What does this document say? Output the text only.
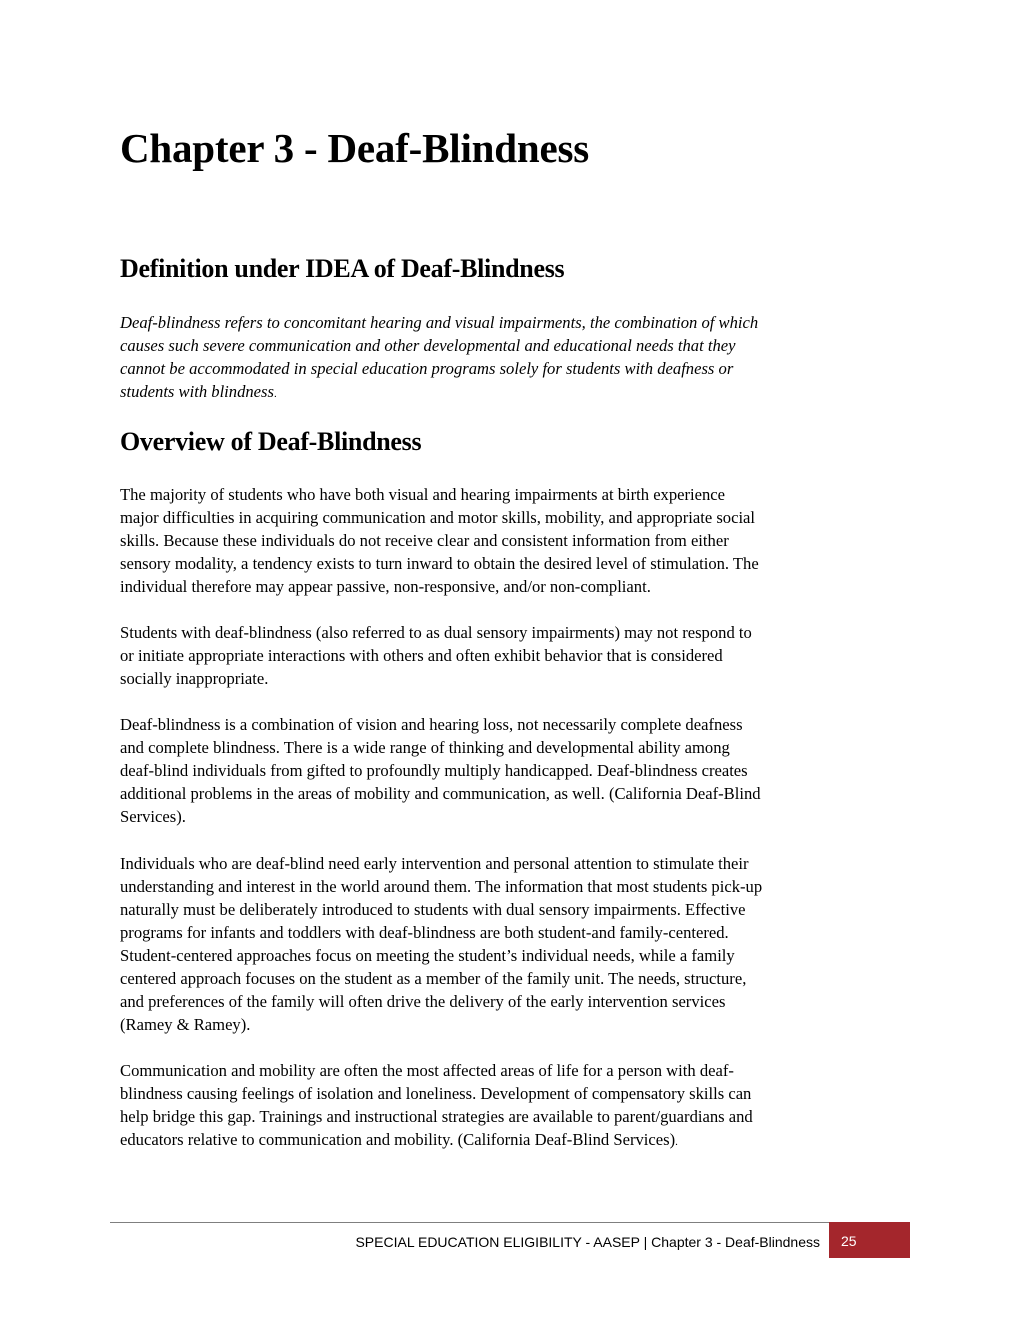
Chapter 3 - Deaf-Blindness
Definition under IDEA of Deaf-Blindness

Deaf-blindness refers to concomitant hearing and visual impairments, the combination of which
causes such severe communication and other developmental and educational needs that they
cannot be accommodated in special education programs solely for students with deafness or
students with blindness.

Overview of Deaf-Blindness

The majority of students who have both visual and hearing impairments at birth experience
major difficulties in acquiring communication and motor skills, mobility, and appropriate social
skills. Because these individuals do not receive clear and consistent information from either
sensory modality, a tendency exists to turn inward to obtain the desired level of stimulation. The
individual therefore may appear passive, non-responsive, and/or non-compliant.

Students with deaf-blindness (also referred to as dual sensory impairments) may not respond to
or initiate appropriate interactions with others and often exhibit behavior that is considered
socially inappropriate.

Deaf-blindness is a combination of vision and hearing loss, not necessarily complete deafness
and complete blindness. There is a wide range of thinking and developmental ability among
deaf-blind individuals from gifted to profoundly multiply handicapped. Deaf-blindness creates
additional problems in the areas of mobility and communication, as well. (California Deaf-Blind
Services).

Individuals who are deaf-blind need early intervention and personal attention to stimulate their
understanding and interest in the world around them. The information that most students pick-up
naturally must be deliberately introduced to students with dual sensory impairments. Effective
programs for infants and toddlers with deaf-blindness are both student-and family-centered.
Student-centered approaches focus on meeting the student’s individual needs, while a family
centered approach focuses on the student as a member of the family unit. The needs, structure,
and preferences of the family will often drive the delivery of the early intervention services
(Ramey & Ramey).

Communication and mobility are often the most affected areas of life for a person with deaf-
blindness causing feelings of isolation and loneliness. Development of compensatory skills can
help bridge this gap. Trainings and instructional strategies are available to parent/guardians and
educators relative to communication and mobility. (California Deaf-Blind Services).

SPECIAL EDUCATION ELIGIBILITY - AASEP | Chapter 3 - Deaf-Blindness 25
